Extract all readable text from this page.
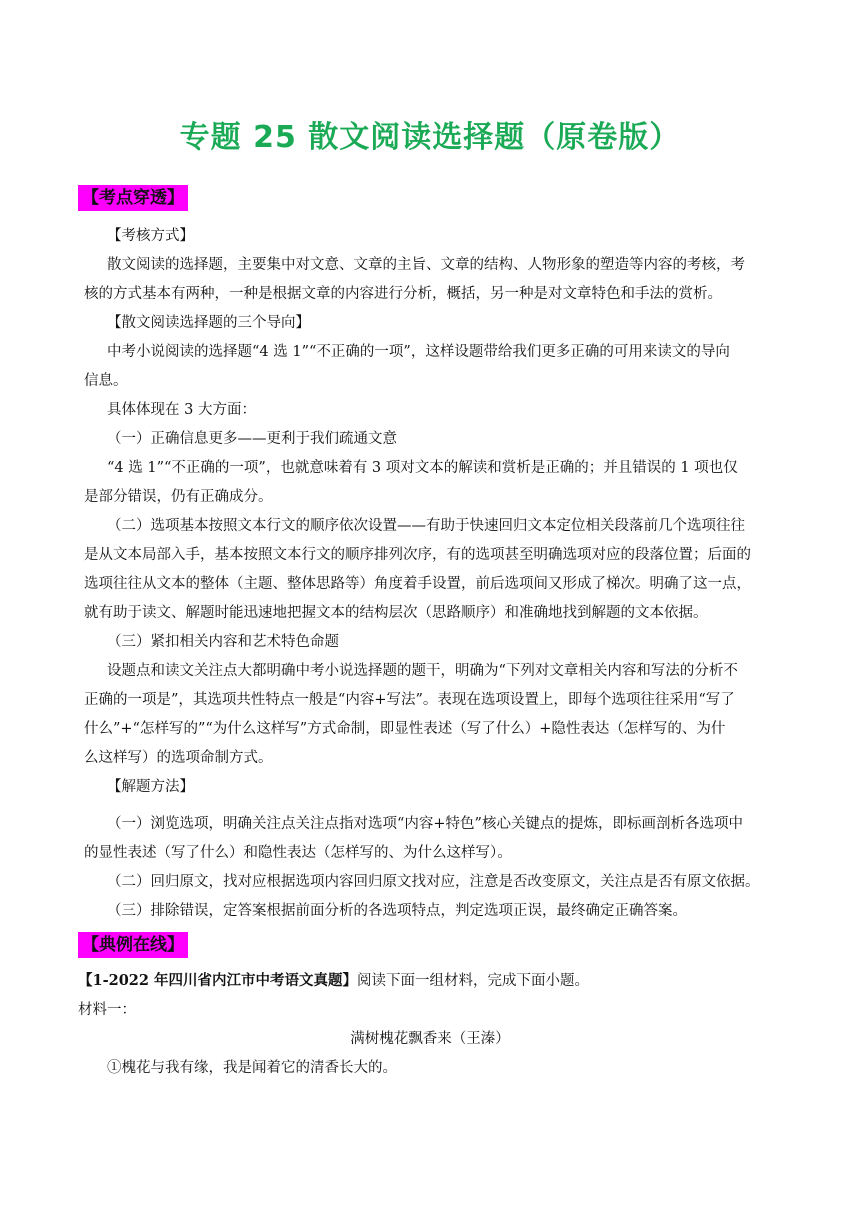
专题 25 散文阅读选择题（原卷版）
【考点穿透】
【考核方式】
散文阅读的选择题，主要集中对文意、文章的主旨、文章的结构、人物形象的塑造等内容的考核，考
核的方式基本有两种，一种是根据文章的内容进行分析，概括，另一种是对文章特色和手法的赏析。
【散文阅读选择题的三个导向】
中考小说阅读的选择题“4 选 1”“不正确的一项”，这样设题带给我们更多正确的可用来读文的导向
信息。
具体体现在 3 大方面：
（一）正确信息更多——更利于我们疏通文意
“4 选 1”“不正确的一项”，也就意味着有 3 项对文本的解读和赏析是正确的；并且错误的 1 项也仅
是部分错误，仍有正确成分。
（二）选项基本按照文本行文的顺序依次设置——有助于快速回归文本定位相关段落前几个选项往往
是从文本局部入手，基本按照文本行文的顺序排列次序，有的选项甚至明确选项对应的段落位置；后面的
选项往往从文本的整体（主题、整体思路等）角度着手设置，前后选项间又形成了梯次。明确了这一点，
就有助于读文、解题时能迅速地把握文本的结构层次（思路顺序）和准确地找到解题的文本依据。
（三）紧扣相关内容和艺术特色命题
设题点和读文关注点大都明确中考小说选择题的题干，明确为“下列对文章相关内容和写法的分析不
正确的一项是”，其选项共性特点一般是“内容+写法”。表现在选项设置上，即每个选项往往采用“写了
什么”+“怎样写的”“为什么这样写”方式命制，即显性表述（写了什么）+隐性表达（怎样写的、为什
么这样写）的选项命制方式。
【解题方法】
（一）浏览选项，明确关注点关注点指对选项“内容+特色”核心关键点的提炼，即标画剖析各选项中
的显性表述（写了什么）和隐性表达（怎样写的、为什么这样写）。
（二）回归原文，找对应根据选项内容回归原文找对应，注意是否改变原文，关注点是否有原文依据。
（三）排除错误，定答案根据前面分析的各选项特点，判定选项正误，最终确定正确答案。
【典例在线】
【1-2022 年四川省内江市中考语文真题】阅读下面一组材料，完成下面小题。
材料一：
满树槐花飘香来（王溱）
①槐花与我有缘，我是闻着它的清香长大的。
